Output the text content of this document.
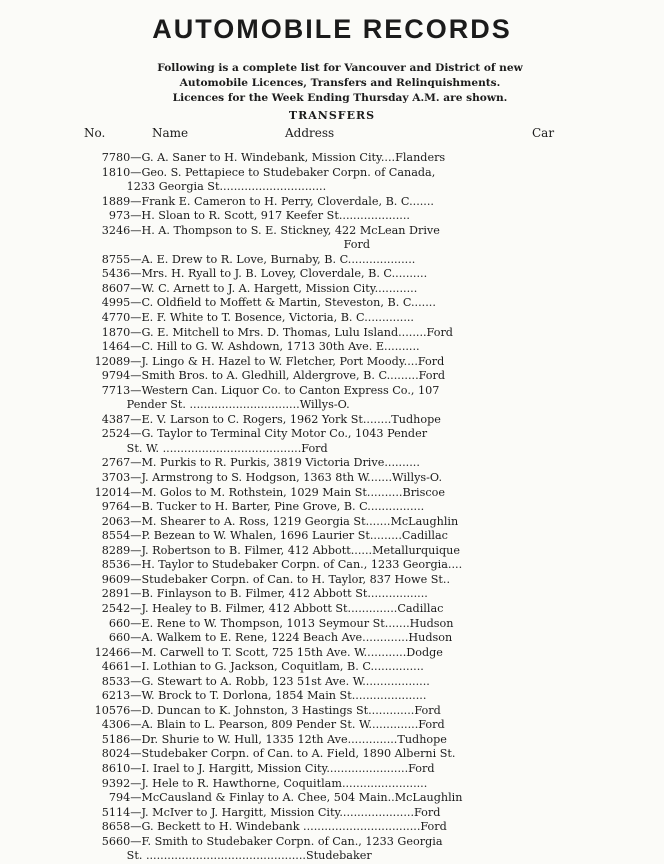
AUTOMOBILE RECORDS
Following is a complete list for Vancouver and District of new
Automobile Licences, Transfers and Relinquishments.
Licences for the Week Ending Thursday A.M. are shown.
TRANSFERS
No.	Name	Address	Car
7780—G. A. Saner to H. Windebank, Mission City....Flanders
1810—Geo. S. Pettapiece to Studebaker Corpn. of Canada,
1233 Georgia St..............................
1889—Frank E. Cameron to H. Perry, Cloverdale, B. C.......
973—H. Sloan to R. Scott, 917 Keefer St....................
3246—H. A. Thompson to S. E. Stickney, 422 McLean Drive
Ford
8755—A. E. Drew to R. Love, Burnaby, B. C...................
5436—Mrs. H. Ryall to J. B. Lovey, Cloverdale, B. C..........
8607—W. C. Arnett to J. A. Hargett, Mission City............
4995—C. Oldfield to Moffett & Martin, Steveston, B. C.......
4770—E. F. White to T. Bosence, Victoria, B. C..............
1870—G. E. Mitchell to Mrs. D. Thomas, Lulu Island........Ford
1464—C. Hill to G. W. Ashdown, 1713 30th Ave. E..........
12089—J. Lingo & H. Hazel to W. Fletcher, Port Moody....Ford
9794—Smith Bros. to A. Gledhill, Aldergrove, B. C.........Ford
7713—Western Can. Liquor Co. to Canton Express Co., 107
Pender St. ...............................Willys-O.
4387—E. V. Larson to C. Rogers, 1962 York St........Tudhope
2524—G. Taylor to Terminal City Motor Co., 1043 Pender
St. W. .......................................Ford
2767—M. Purkis to R. Purkis, 3819 Victoria Drive..........
3703—J. Armstrong to S. Hodgson, 1363 8th W.......Willys-O.
12014—M. Golos to M. Rothstein, 1029 Main St..........Briscoe
9764—B. Tucker to H. Barter, Pine Grove, B. C................
2063—M. Shearer to A. Ross, 1219 Georgia St.......McLaughlin
8554—P. Bezean to W. Whalen, 1696 Laurier St.........Cadillac
8289—J. Robertson to B. Filmer, 412 Abbott......Metallurquique
8536—H. Taylor to Studebaker Corpn. of Can., 1233 Georgia....
9609—Studebaker Corpn. of Can. to H. Taylor, 837 Howe St..
2891—B. Finlayson to B. Filmer, 412 Abbott St.................
2542—J. Healey to B. Filmer, 412 Abbott St..............Cadillac
660—E. Rene to W. Thompson, 1013 Seymour St.......Hudson
660—A. Walkem to E. Rene, 1224 Beach Ave.............Hudson
12466—M. Carwell to T. Scott, 725 15th Ave. W............Dodge
4661—I. Lothian to G. Jackson, Coquitlam, B. C...............
8533—G. Stewart to A. Robb, 123 51st Ave. W...................
6213—W. Brock to T. Dorlona, 1854 Main St.....................
10576—D. Duncan to K. Johnston, 3 Hastings St.............Ford
4306—A. Blain to L. Pearson, 809 Pender St. W..............Ford
5186—Dr. Shurie to W. Hull, 1335 12th Ave..............Tudhope
8024—Studebaker Corpn. of Can. to A. Field, 1890 Alberni St.
8610—I. Irael to J. Hargitt, Mission City.......................Ford
9392—J. Hele to R. Hawthorne, Coquitlam........................
794—McCausland & Finlay to A. Chee, 504 Main..McLaughlin
5114—J. McIver to J. Hargitt, Mission City.....................Ford
8658—G. Beckett to H. Windebank .................................Ford
5660—F. Smith to Studebaker Corpn. of Can., 1233 Georgia
St. .............................................Studebaker
